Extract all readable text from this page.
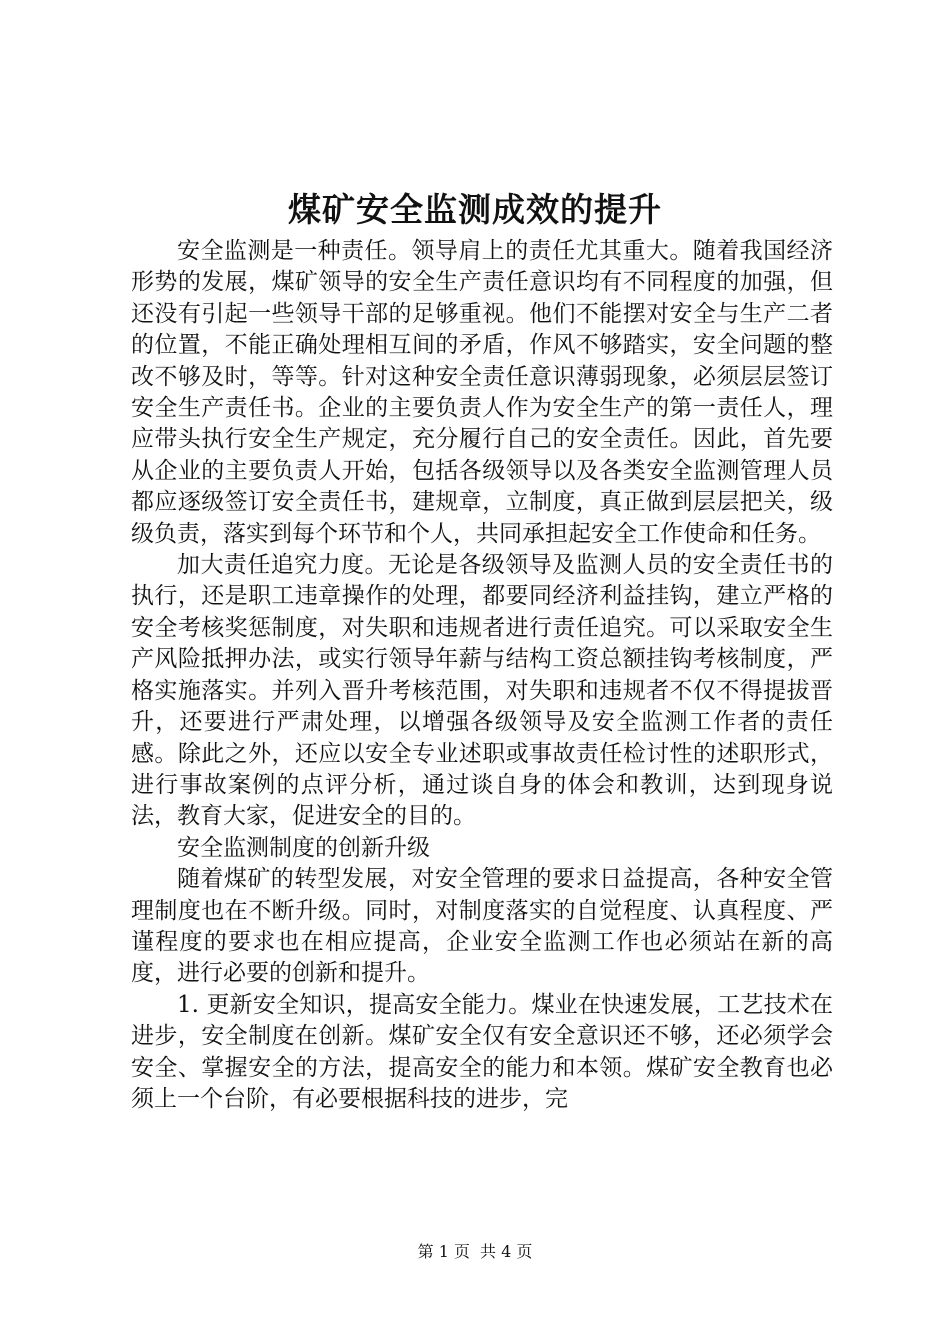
煤矿安全监测成效的提升

安全监测是一种责任。领导肩上的责任尤其重大。随着我国经济形势的发展，煤矿领导的安全生产责任意识均有不同程度的加强，但还没有引起一些领导干部的足够重视。他们不能摆对安全与生产二者的位置，不能正确处理相互间的矛盾，作风不够踏实，安全问题的整改不够及时，等等。针对这种安全责任意识薄弱现象，必须层层签订安全生产责任书。企业的主要负责人作为安全生产的第一责任人，理应带头执行安全生产规定，充分履行自己的安全责任。因此，首先要从企业的主要负责人开始，包括各级领导以及各类安全监测管理人员都应逐级签订安全责任书，建规章，立制度，真正做到层层把关，级级负责，落实到每个环节和个人，共同承担起安全工作使命和任务。

加大责任追究力度。无论是各级领导及监测人员的安全责任书的执行，还是职工违章操作的处理，都要同经济利益挂钩，建立严格的安全考核奖惩制度，对失职和违规者进行责任追究。可以采取安全生产风险抵押办法，或实行领导年薪与结构工资总额挂钩考核制度，严格实施落实。并列入晋升考核范围，对失职和违规者不仅不得提拔晋升，还要进行严肃处理，以增强各级领导及安全监测工作者的责任感。除此之外，还应以安全专业述职或事故责任检讨性的述职形式，进行事故案例的点评分析，通过谈自身的体会和教训，达到现身说法，教育大家，促进安全的目的。

安全监测制度的创新升级

随着煤矿的转型发展，对安全管理的要求日益提高，各种安全管理制度也在不断升级。同时，对制度落实的自觉程度、认真程度、严谨程度的要求也在相应提高，企业安全监测工作也必须站在新的高度，进行必要的创新和提升。

1. 更新安全知识，提高安全能力。煤业在快速发展，工艺技术在进步，安全制度在创新。煤矿安全仅有安全意识还不够，还必须学会安全、掌握安全的方法，提高安全的能力和本领。煤矿安全教育也必须上一个台阶，有必要根据科技的进步，完

第 1 页 共 4 页
